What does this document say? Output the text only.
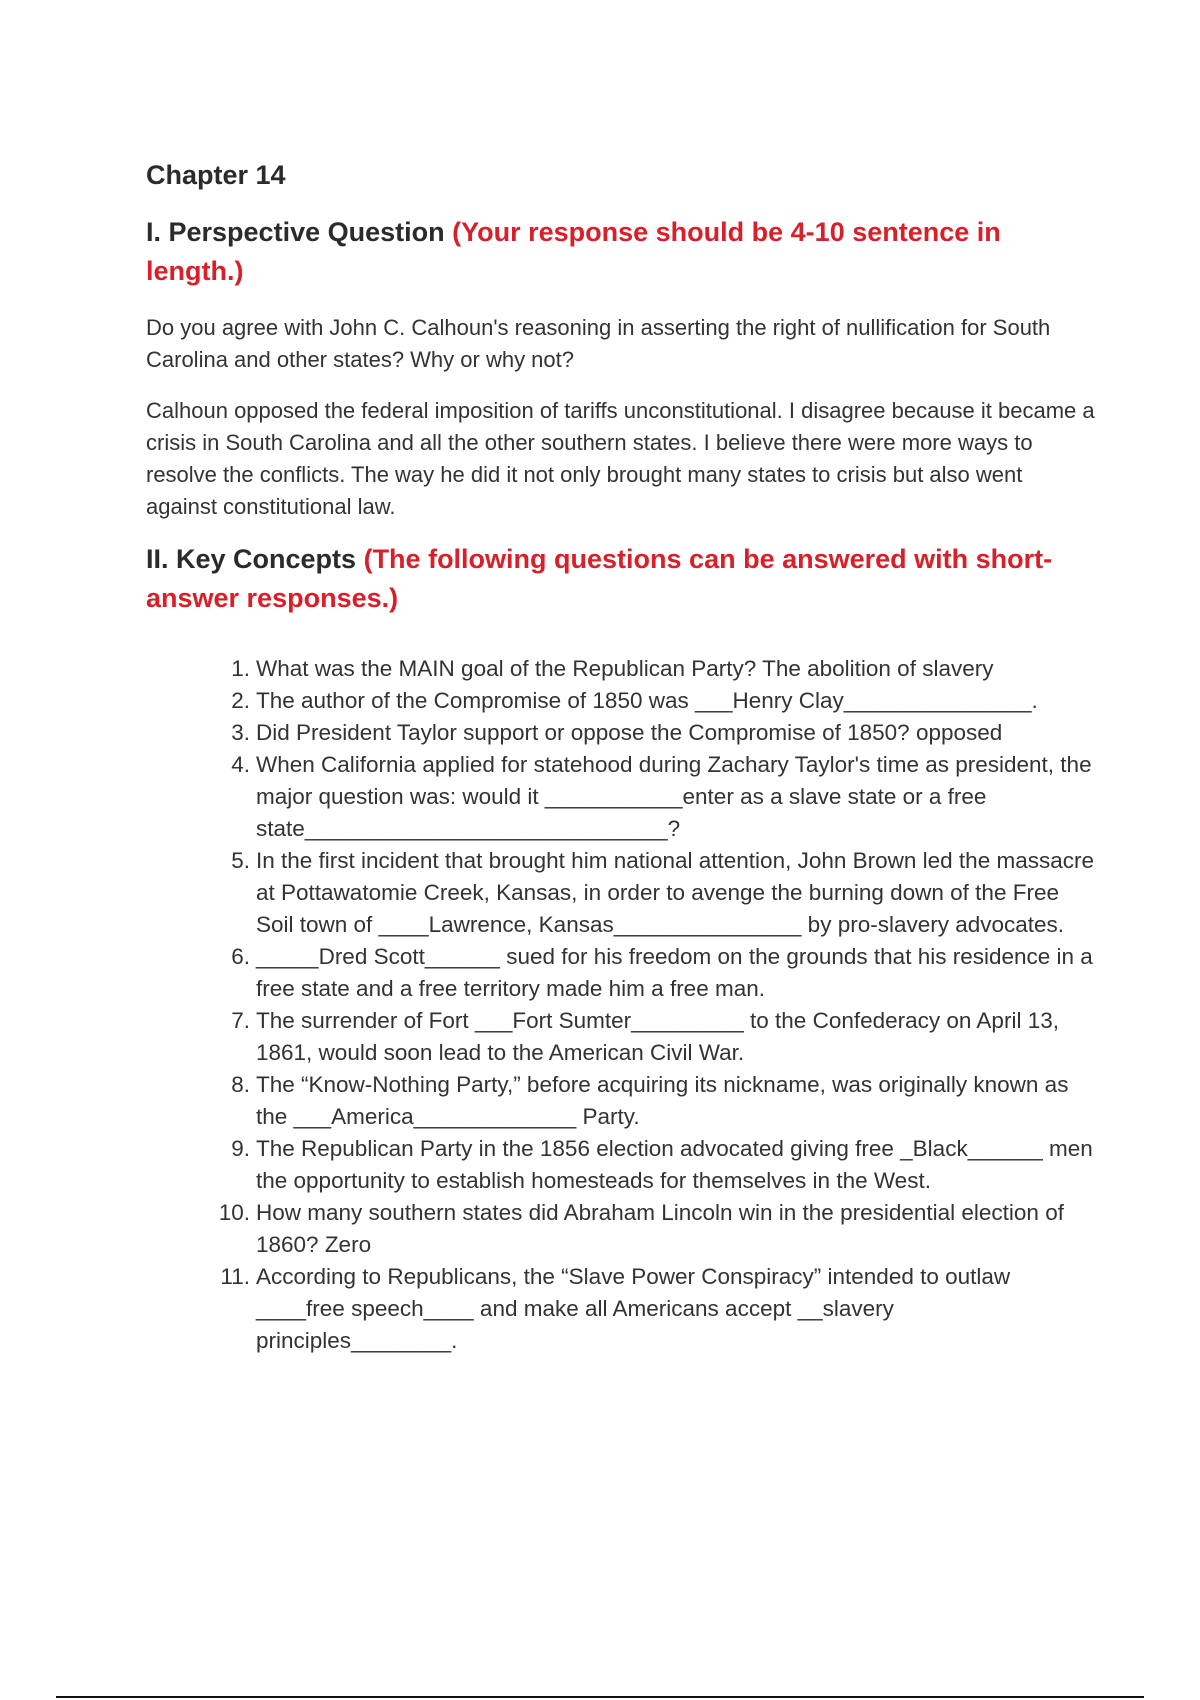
Chapter 14

I. Perspective Question (Your response should be 4-10 sentence in length.)

Do you agree with John C. Calhoun's reasoning in asserting the right of nullification for South Carolina and other states? Why or why not?

Calhoun opposed the federal imposition of tariffs unconstitutional. I disagree because it became a crisis in South Carolina and all the other southern states. I believe there were more ways to resolve the conflicts. The way he did it not only brought many states to crisis but also went against constitutional law.

II. Key Concepts (The following questions can be answered with short-answer responses.)

1. What was the MAIN goal of the Republican Party? The abolition of slavery
2. The author of the Compromise of 1850 was ___Henry Clay_______________.
3. Did President Taylor support or oppose the Compromise of 1850? opposed
4. When California applied for statehood during Zachary Taylor's time as president, the major question was: would it ___________enter as a slave state or a free state_____________________________?
5. In the first incident that brought him national attention, John Brown led the massacre at Pottawatomie Creek, Kansas, in order to avenge the burning down of the Free Soil town of ____Lawrence, Kansas_______________ by pro-slavery advocates.
6. _____Dred Scott______ sued for his freedom on the grounds that his residence in a free state and a free territory made him a free man.
7. The surrender of Fort ___Fort Sumter_________ to the Confederacy on April 13, 1861, would soon lead to the American Civil War.
8. The “Know-Nothing Party,” before acquiring its nickname, was originally known as the ___America_____________ Party.
9. The Republican Party in the 1856 election advocated giving free _Black______ men the opportunity to establish homesteads for themselves in the West.
10. How many southern states did Abraham Lincoln win in the presidential election of 1860? Zero
11. According to Republicans, the “Slave Power Conspiracy” intended to outlaw ____free speech____ and make all Americans accept __slavery principles________.
